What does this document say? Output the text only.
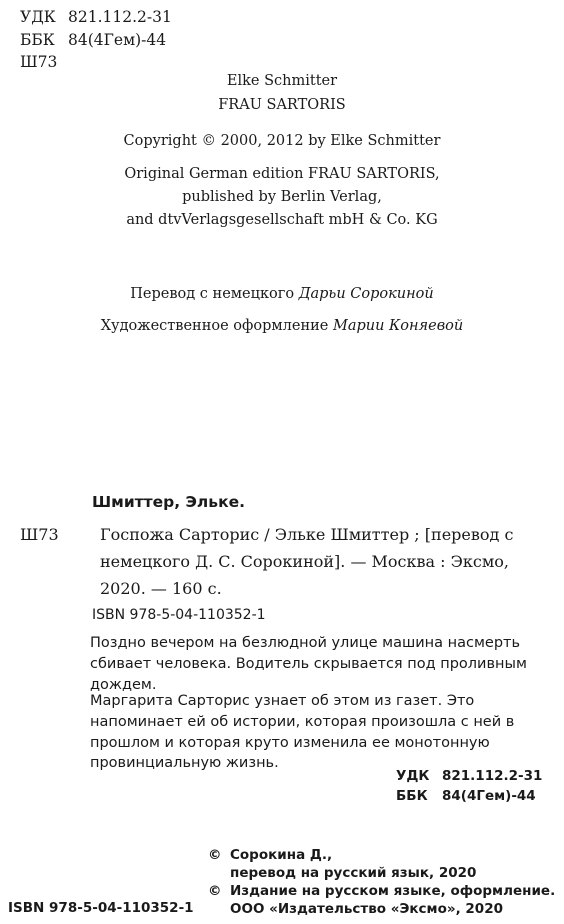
УДК 821.112.2-31
ББК 84(4Гем)-44
Ш73
Elke Schmitter
FRAU SARTORIS
Copyright © 2000, 2012 by Elke Schmitter
Original German edition FRAU SARTORIS,
published by Berlin Verlag,
and dtvVerlagsgesellschaft mbH & Co. KG
Перевод с немецкого Дарьи Сорокиной
Художественное оформление Марии Коняевой
Шмиттер, Элькe.
Ш73	Госпожа Сарторис / Элькe Шмиттер ; [перевод с немецкого Д. С. Сорокиной]. — Москва : Эксмо, 2020. — 160 с.
ISBN 978-5-04-110352-1
Поздно вечером на безлюдной улице машина насмерть сбивает человека. Водитель скрывается под проливным дождем.
Маргарита Сарторис узнает об этом из газет. Это напоминает ей об истории, которая произошла с ней в прошлом и которая круто изменила ее монотонную провинциальную жизнь.
УДК 821.112.2-31
ББК 84(4Гем)-44
© Сорокина Д.,
перевод на русский язык, 2020
© Издание на русском языке, оформление.
ООО «Издательство «Эксмо», 2020
ISBN 978-5-04-110352-1
